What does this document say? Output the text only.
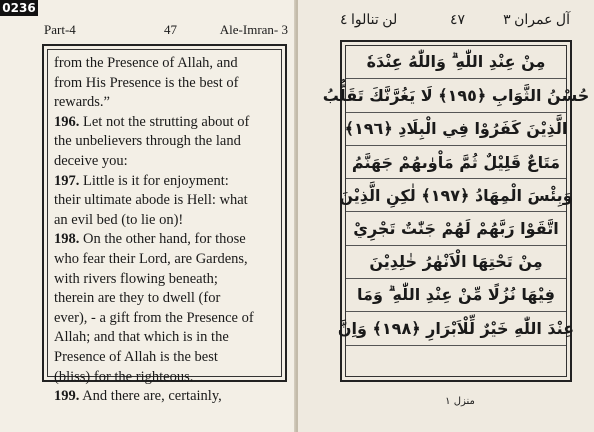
Part-4	47	Ale-Imran- 3

from the Presence of Allah, and

from His Presence is the best of

rewards.”

196. Let not the strutting about of

the unbelievers through the land

deceive you:

197. Little is it for enjoyment:

their ultimate abode is Hell: what

an evil bed (to lie on)!

198. On the other hand, for those

who fear their Lord, are Gardens,

with rivers flowing beneath;

therein are they to dwell (for

ever), - a gift from the Presence of

Allah; and that which is in the

Presence of Allah is the best

(bliss) for the righteous.

199. And there are, certainly,

آل عمران ٣
٤٧
لن تنالوا ٤
مِنْ عِنْدِ اللّٰهِ ۗ وَاللّٰهُ عِنْدَهٗ
حُسْنُ الثَّوَابِ ﴿١٩٥﴾ لَا يَغُرَّنَّكَ تَقَلُّبُ
الَّذِيْنَ كَفَرُوْا فِي الْبِلَادِ ﴿١٩٦﴾
مَتَاعٌ قَلِيْلٌ ثُمَّ مَاْوٰىهُمْ جَهَنَّمُ
وَبِئْسَ الْمِهَادُ ﴿١٩٧﴾ لٰكِنِ الَّذِيْنَ
اتَّقَوْا رَبَّهُمْ لَهُمْ جَنّٰتٌ تَجْرِيْ
مِنْ تَحْتِهَا الْاَنْهٰرُ خٰلِدِيْنَ
فِيْهَا نُزُلًا مِّنْ عِنْدِ اللّٰهِ ۗ وَمَا
عِنْدَ اللّٰهِ خَيْرٌ لِّلْاَبْرَارِ ﴿١٩٨﴾ وَاِنَّ
منزل ١
0236
